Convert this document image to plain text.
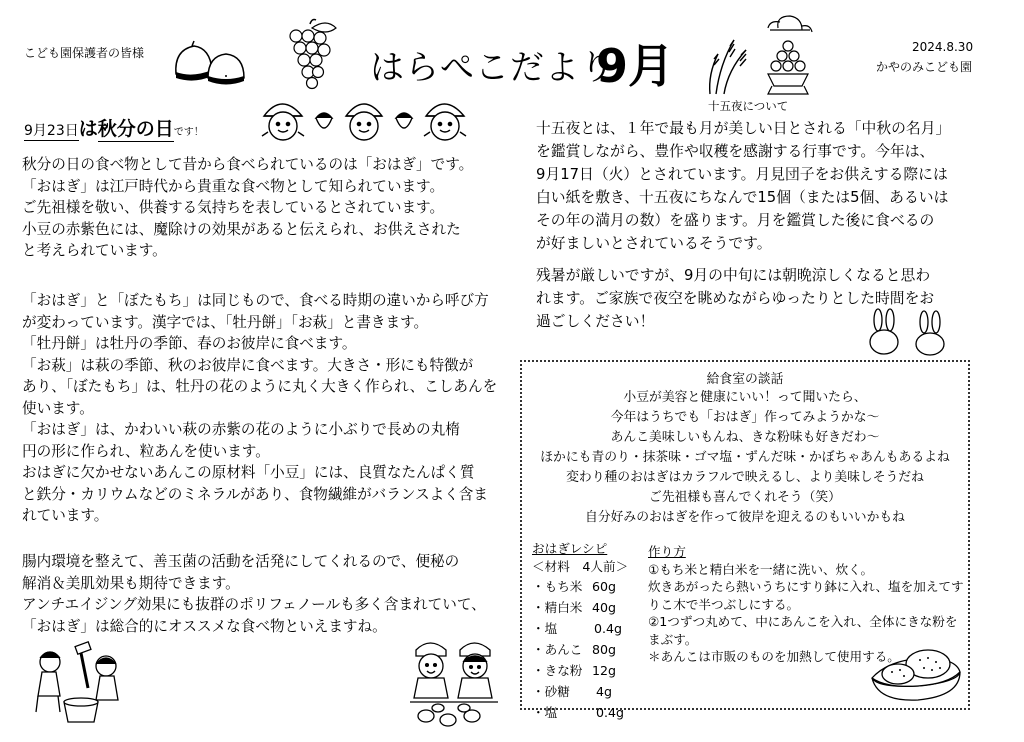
こども園保護者の皆様	はらぺこだより
9月	2024.8.30
かやのみこども園
9月23日は秋分の日です！

秋分の日の食べ物として昔から食べられているのは「おはぎ」です。

「おはぎ」は江戸時代から貴重な食べ物として知られています。

ご先祖様を敬い、供養する気持ちを表しているとされています。

小豆の赤紫色には、魔除けの効果があると伝えられ、お供えされた

と考えられています。

「おはぎ」と「ぼたもち」は同じもので、食べる時期の違いから呼び方

が変わっています。漢字では、「牡丹餅」「お萩」と書きます。

「牡丹餅」は牡丹の季節、春のお彼岸に食べます。

「お萩」は萩の季節、秋のお彼岸に食べます。大きさ・形にも特徴が

あり、「ぼたもち」は、牡丹の花のように丸く大きく作られ、こしあんを

使います。

「おはぎ」は、かわいい萩の赤紫の花のように小ぶりで長めの丸楕

円の形に作られ、粒あんを使います。

おはぎに欠かせないあんこの原材料「小豆」には、良質なたんぱく質

と鉄分・カリウムなどのミネラルがあり、食物繊維がバランスよく含ま

れています。

腸内環境を整えて、善玉菌の活動を活発にしてくれるので、便秘の

解消＆美肌効果も期待できます。

アンチエイジング効果にも抜群のポリフェノールも多く含まれていて、

「おはぎ」は総合的にオススメな食べ物といえますね。

十五夜について

十五夜とは、１年で最も月が美しい日とされる「中秋の名月」

を鑑賞しながら、豊作や収穫を感謝する行事です。今年は、

9月17日（火）とされています。月見団子をお供えする際には

白い紙を敷き、十五夜にちなんで15個（または5個、あるいは

その年の満月の数）を盛ります。月を鑑賞した後に食べるの

が好ましいとされているそうです。

残暑が厳しいですが、9月の中旬には朝晩涼しくなると思わ

れます。ご家族で夜空を眺めながらゆったりとした時間をお

過ごしください！

給食室の談話
小豆が美容と健康にいい！って聞いたら、
今年はうちでも「おはぎ」作ってみようかな～
あんこ美味しいもんね、きな粉味も好きだわ～
ほかにも青のり・抹茶味・ゴマ塩・ずんだ味・かぼちゃあんもあるよね
変わり種のおはぎはカラフルで映えるし、より美味しそうだね
ご先祖様も喜んでくれそう（笑）
自分好みのおはぎを作って彼岸を迎えるのもいいかもね
おはぎレシピ
＜材料　4人前＞
・もち米 60g
・精白米 40g
・塩	0.4g
・あんこ 80g
・きな粉 12g
・砂糖 4g
・塩	0.4g
作り方
①もち米と精白米を一緒に洗い、炊く。
炊きあがったら熱いうちにすり鉢に入れ、塩を加えてす
りこ木で半つぶしにする。
②1つずつ丸めて、中にあんこを入れ、全体にきな粉を
まぶす。
＊あんこは市販のものを加熱して使用する。
